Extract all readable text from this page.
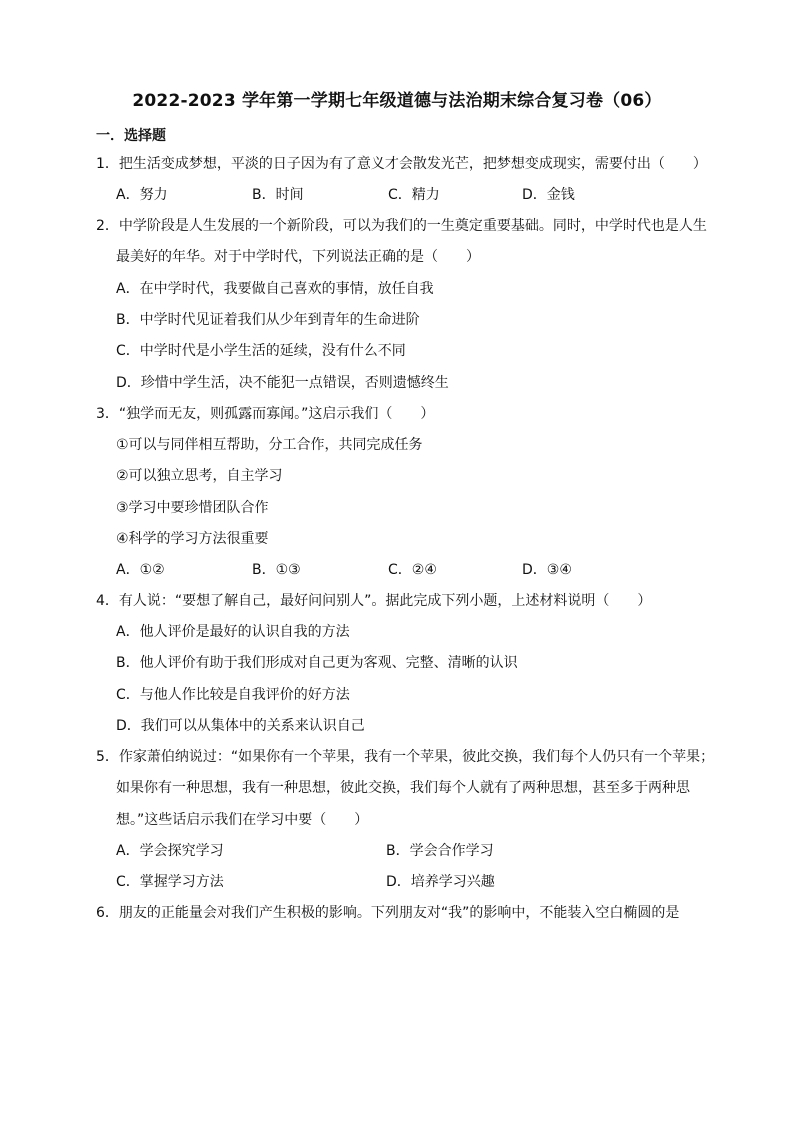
2022-2023 学年第一学期七年级道德与法治期末综合复习卷（06）
一．选择题
1．把生活变成梦想，平淡的日子因为有了意义才会散发光芒，把梦想变成现实，需要付出（　　）
A．努力	B．时间	C．精力	D．金钱
2．中学阶段是人生发展的一个新阶段，可以为我们的一生奠定重要基础。同时，中学时代也是人生
最美好的年华。对于中学时代，下列说法正确的是（　　）
A．在中学时代，我要做自己喜欢的事情，放任自我
B．中学时代见证着我们从少年到青年的生命进阶
C．中学时代是小学生活的延续，没有什么不同
D．珍惜中学生活，决不能犯一点错误，否则遗憾终生
3．“独学而无友，则孤露而寡闻。”这启示我们（　　）
①可以与同伴相互帮助，分工合作，共同完成任务
②可以独立思考，自主学习
③学习中要珍惜团队合作
④科学的学习方法很重要
A．①②	B．①③	C．②④	D．③④
4．有人说：“要想了解自己，最好问问别人”。据此完成下列小题，上述材料说明（　　）
A．他人评价是最好的认识自我的方法
B．他人评价有助于我们形成对自己更为客观、完整、清晰的认识
C．与他人作比较是自我评价的好方法
D．我们可以从集体中的关系来认识自己
5．作家萧伯纳说过：“如果你有一个苹果，我有一个苹果，彼此交换，我们每个人仍只有一个苹果；
如果你有一种思想，我有一种思想，彼此交换，我们每个人就有了两种思想，甚至多于两种思
想。”这些话启示我们在学习中要（　　）
A．学会探究学习	B．学会合作学习
C．掌握学习方法	D．培养学习兴趣
6．朋友的正能量会对我们产生积极的影响。下列朋友对“我”的影响中，不能装入空白椭圆的是
